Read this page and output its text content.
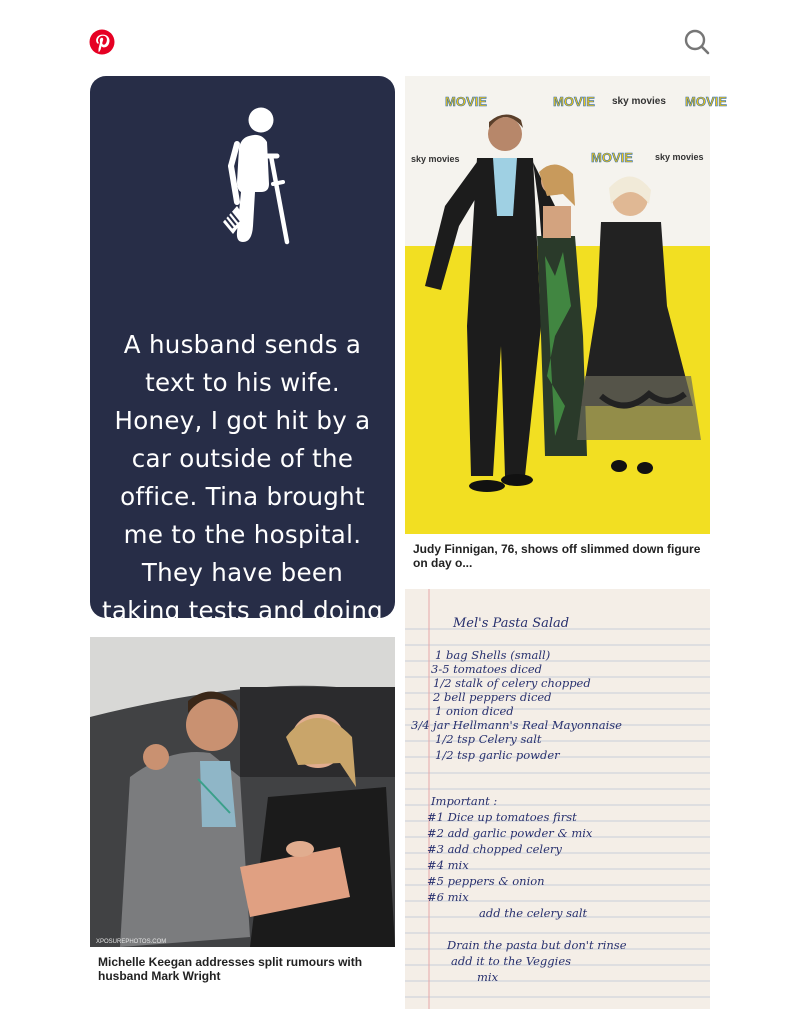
A husband sends a text to his wife. Honey, I got hit by a car outside of the office. Tina brought me to the hospital. They have been taking tests and doing
MOVIE	MOVIE sky movies MOVIE
sky movies	MOVIE sky movies
Judy Finnigan, 76, shows off slimmed down figure on day o...
XPOSUREPHOTOS.COM
Michelle Keegan addresses split rumours with husband Mark Wright
Mel's Pasta Salad
1 bag Shells (small)
3-5 tomatoes diced
1/2 stalk of celery chopped
2 bell peppers diced
1 onion diced
3/4 jar Hellmann's Real Mayonnaise
1/2 tsp Celery salt
1/2 tsp garlic powder
Important :
#1 Dice up tomatoes first
#2 add garlic powder & mix
#3 add chopped celery
#4 mix
#5 peppers & onion
#6 mix
add the celery salt
Drain the pasta but don't rinse
add it to the Veggies
mix
